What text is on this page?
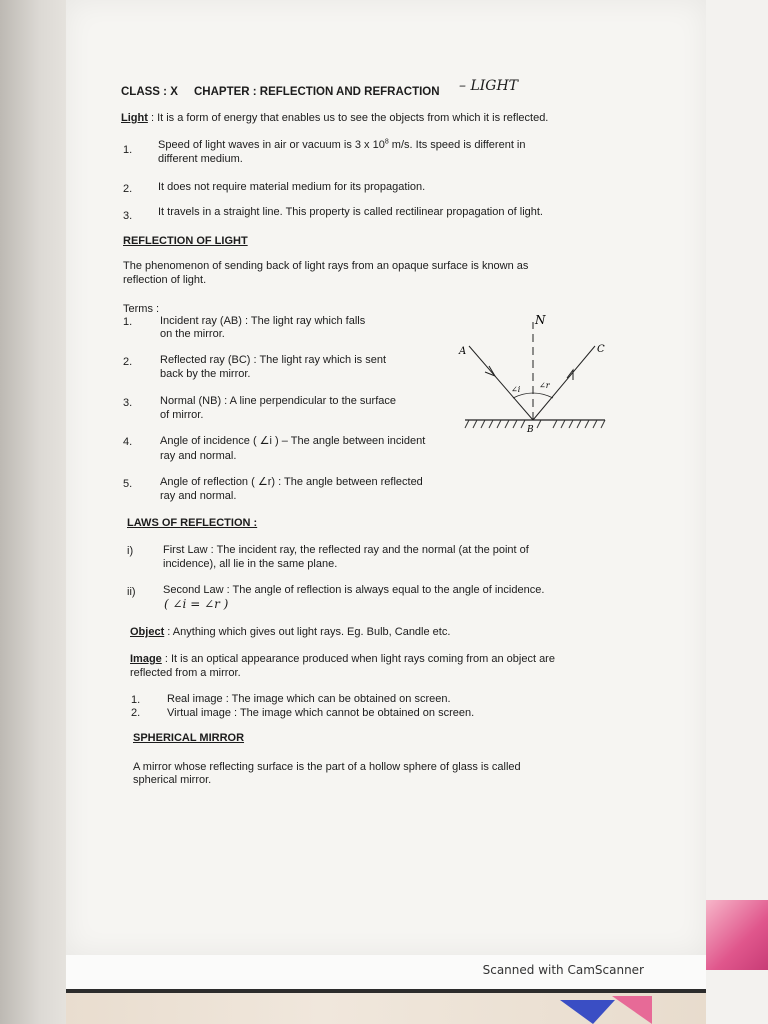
CLASS : X CHAPTER : REFLECTION AND REFRACTION – LIGHT
Light : It is a form of energy that enables us to see the objects from which it is reflected.
1. Speed of light waves in air or vacuum is 3 x $10^8$ m/s. Its speed is different in
different medium.
2. It does not require material medium for its propagation.
3. It travels in a straight line. This property is called rectilinear propagation of light.
REFLECTION OF LIGHT
The phenomenon of sending back of light rays from an opaque surface is known as
reflection of light.
Terms :
1.	Incident ray (AB) : The light ray which falls
on the mirror.
2.	Reflected ray (BC) : The light ray which is sent
back by the mirror.
3.	Normal (NB) : A line perpendicular to the surface
of mirror.
4.	Angle of incidence ( ∠i ) – The angle between incident
ray and normal.
5.	Angle of reflection ( ∠r) : The angle between reflected
ray and normal.
N
A	C
B
∠i ∠r
LAWS OF REFLECTION :
i)	First Law : The incident ray, the reflected ray and the normal (at the point of
incidence), all lie in the same plane.
ii) Second Law : The angle of reflection is always equal to the angle of incidence.
( ∠i = ∠r )
Object : Anything which gives out light rays. Eg. Bulb, Candle etc.
Image : It is an optical appearance produced when light rays coming from an object are
reflected from a mirror.
1. Real image : The image which can be obtained on screen.
2. Virtual image : The image which cannot be obtained on screen.
SPHERICAL MIRROR
A mirror whose reflecting surface is the part of a hollow sphere of glass is called
spherical mirror.
Scanned with CamScanner
